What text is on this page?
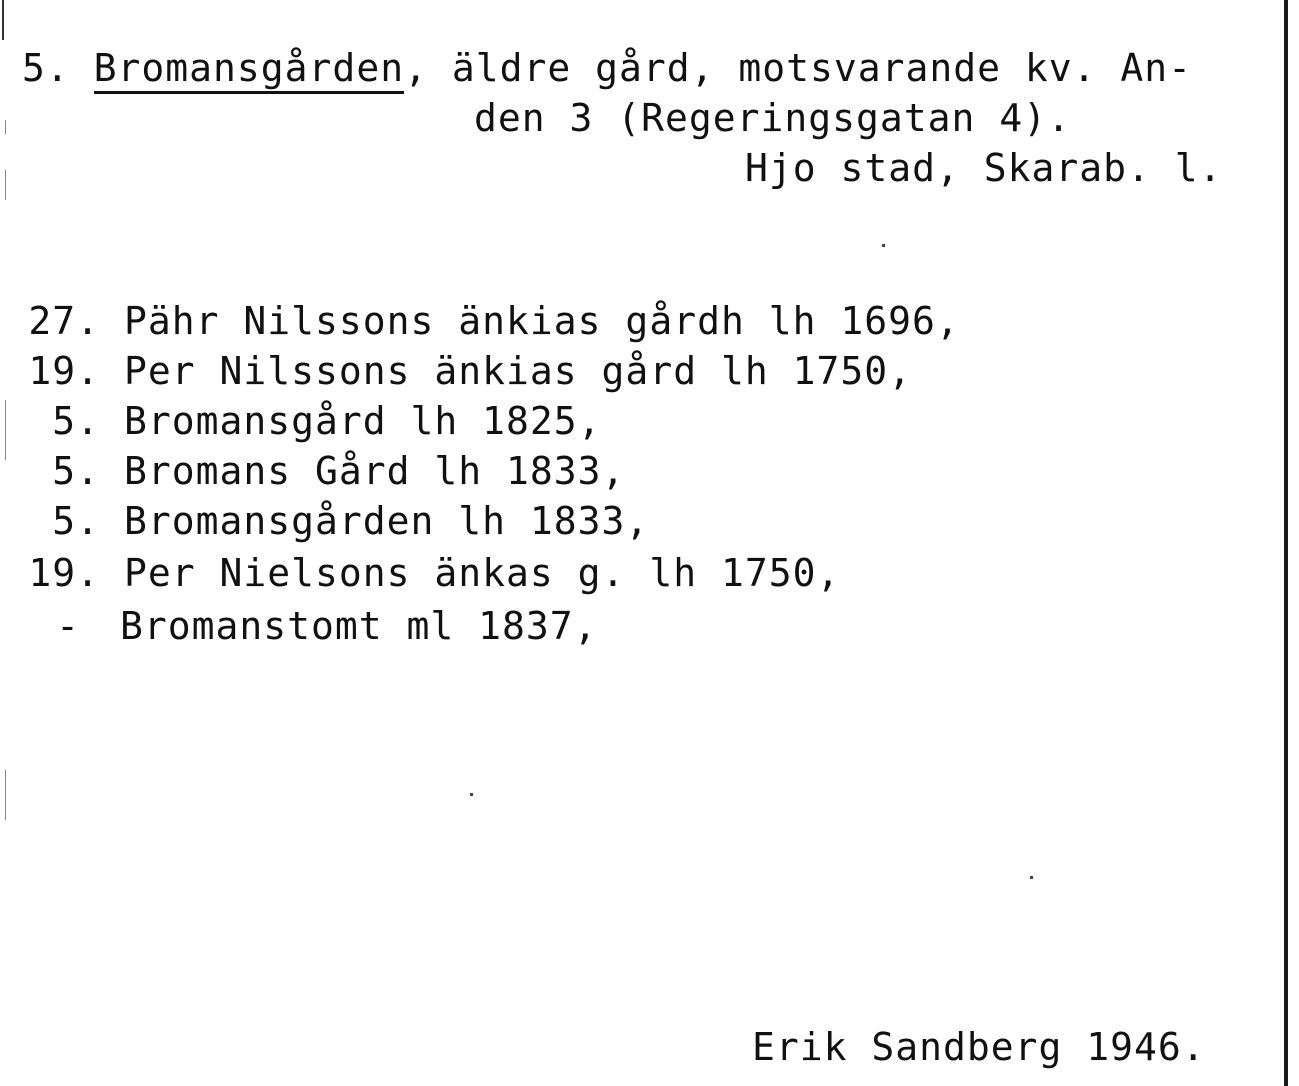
5. Bromansgården, äldre gård, motsvarande kv. An-
den 3 (Regeringsgatan 4).
Hjo stad, Skarab. l.
27. Pähr Nilssons änkias gårdh lh 1696,
19. Per Nilssons änkias gård lh 1750,
5. Bromansgård lh 1825,
5. Bromans Gård lh 1833,
5. Bromansgården lh 1833,
19. Per Nielsons änkas g. lh 1750,
- Bromanstomt ml 1837,
Erik Sandberg 1946.
